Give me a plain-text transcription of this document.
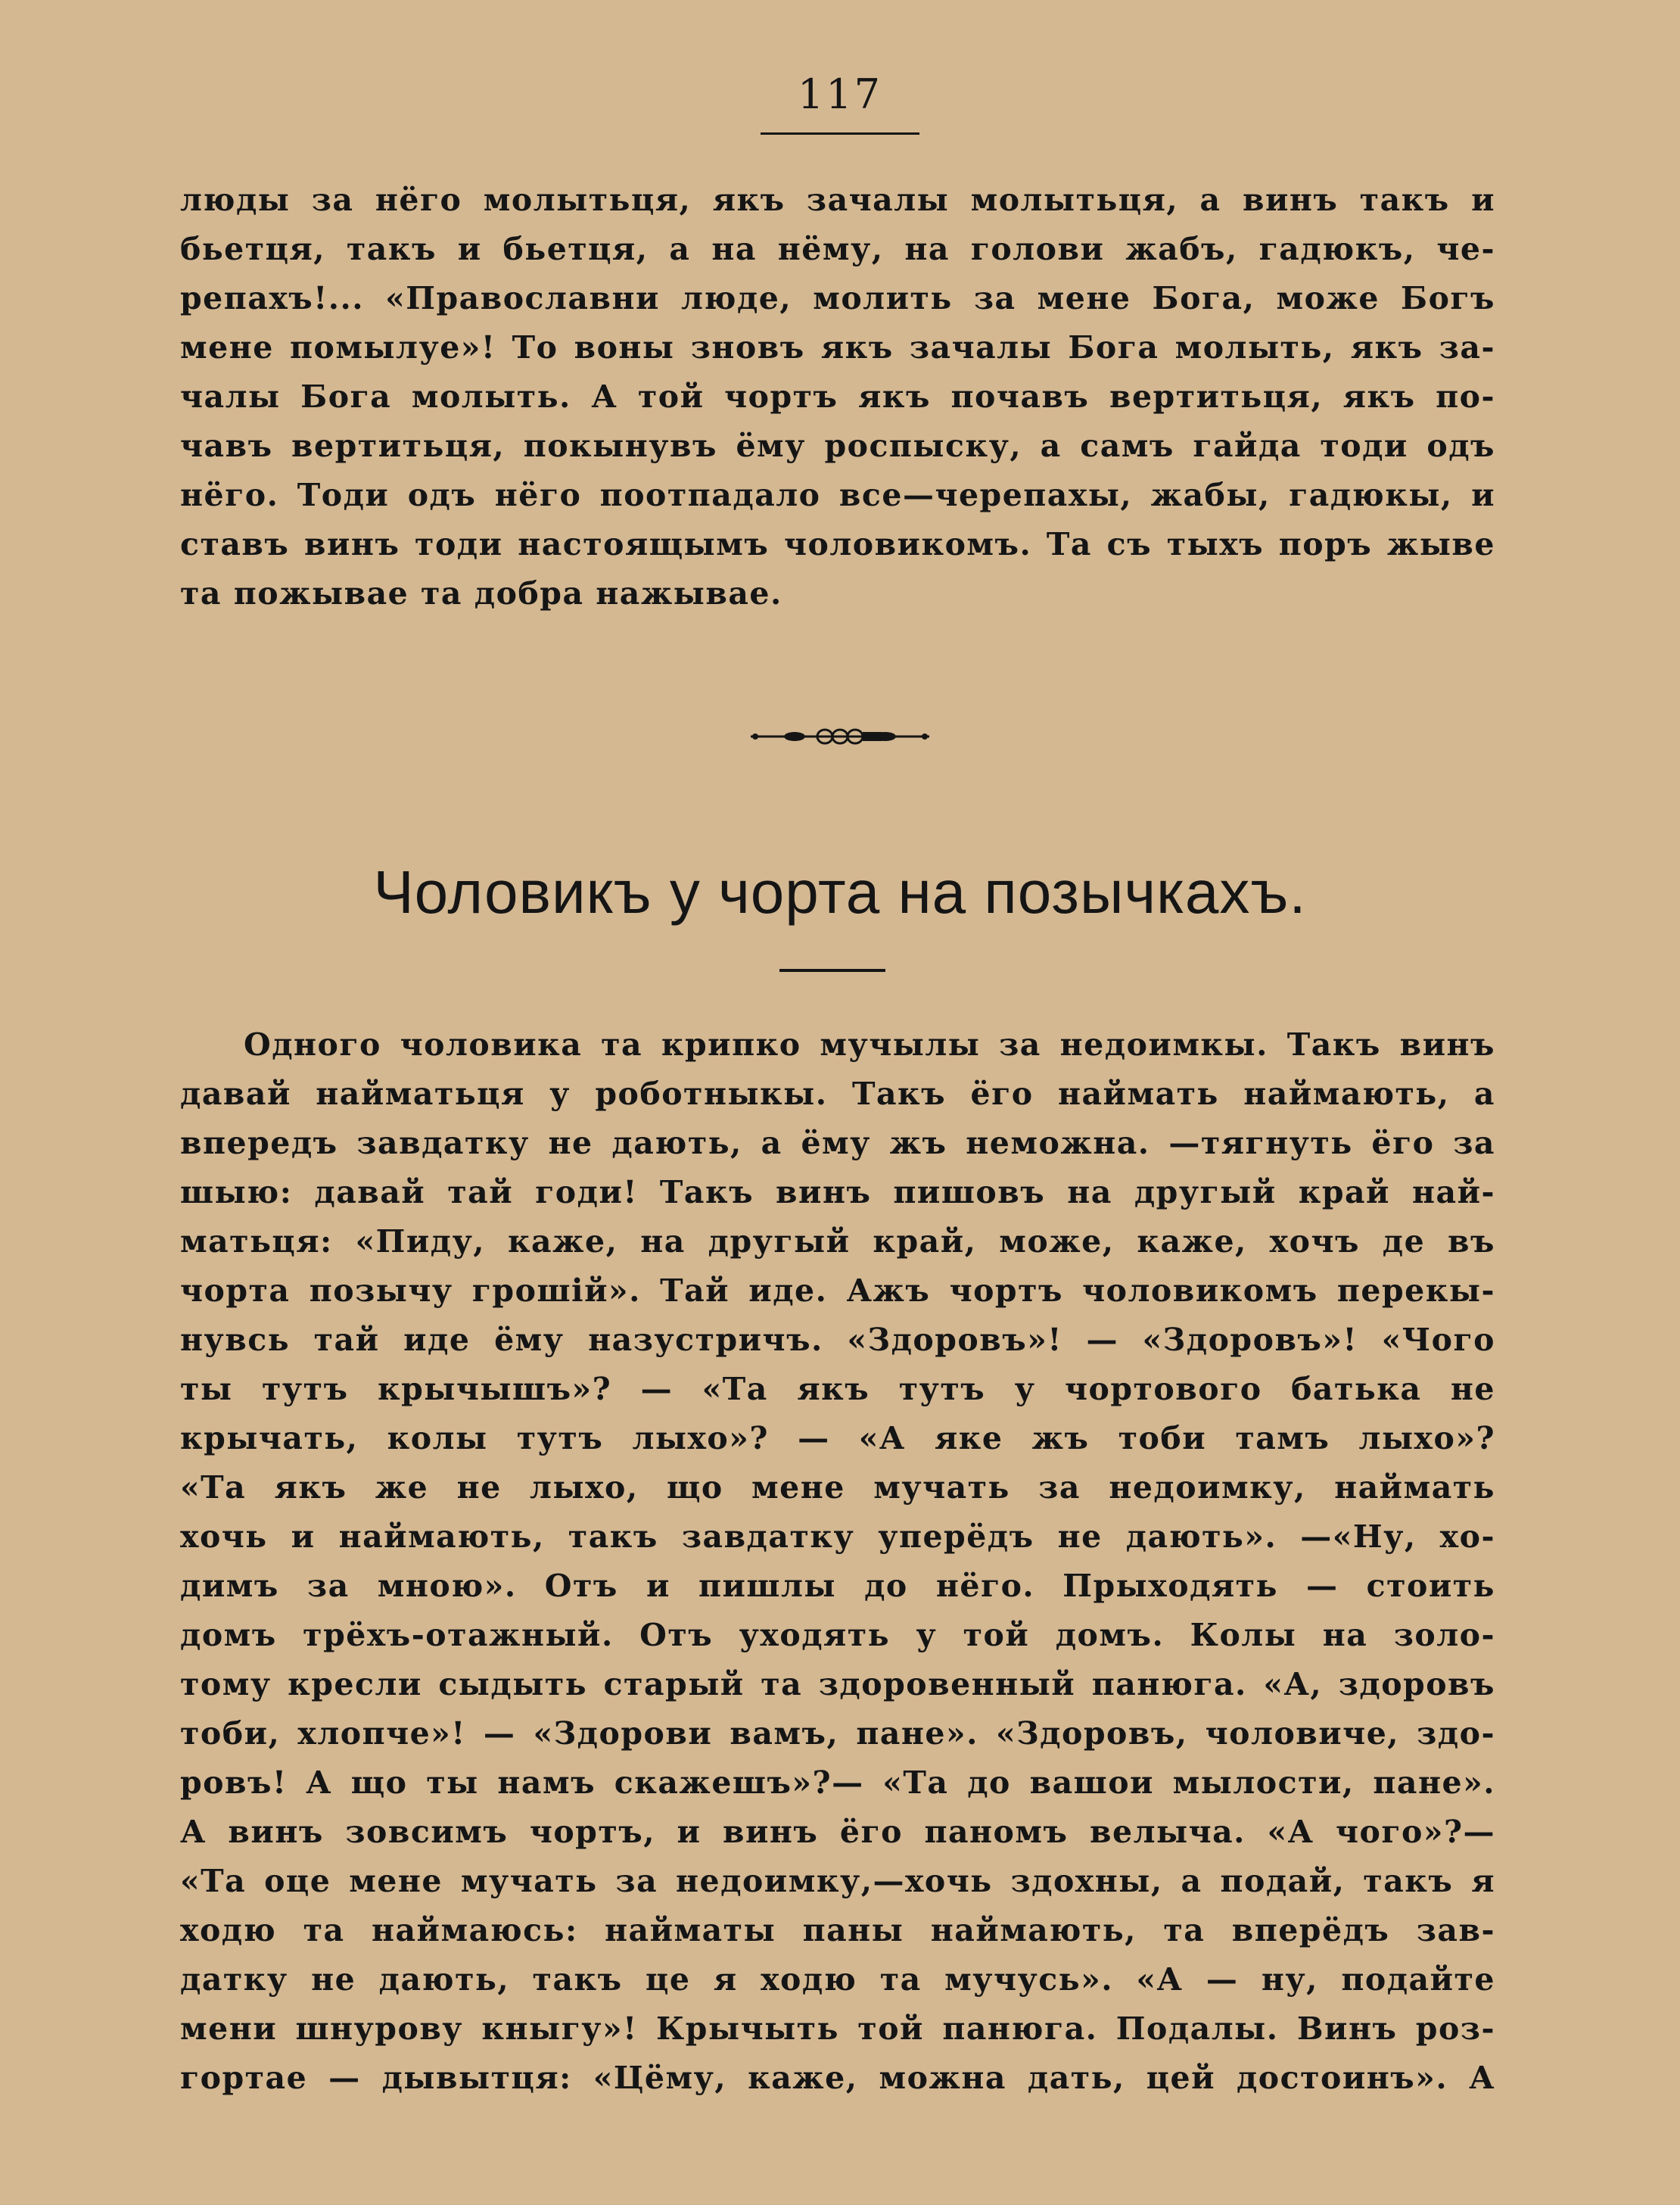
117
люды за нёго молытьця, якъ зачалы молытьця, а винъ такъ и
бьетця, такъ и бьетця, а на нёму, на голови жабъ, гадюкъ, че-
репахъ!... «Православни люде, молить за мене Бога, може Богъ
мене помылуе»! То воны зновъ якъ зачалы Бога молыть, якъ за-
чалы Бога молыть. А той чортъ якъ почавъ вертитьця, якъ по-
чавъ вертитьця, покынувъ ёму роспыску, а самъ гайда тоди одъ
нёго. Тоди одъ нёго поотпадало все—черепахы, жабы, гадюкы, и
ставъ винъ тоди настоящымъ чоловикомъ. Та съ тыхъ поръ жыве
та пожывае та добра нажывае.
Чоловикъ у чорта на позычкахъ.
Одного чоловика та крипко мучылы за недоимкы. Такъ винъ
давай найматьця у роботныкы. Такъ ёго наймать наймають, а
впередъ завдатку не дають, а ёму жъ неможна. —тягнуть ёго за
шыю: давай тай годи! Такъ винъ пишовъ на другый край най-
матьця: «Пиду, каже, на другый край, може, каже, хочъ де въ
чорта позычу грошій». Тай иде. Ажъ чортъ чоловикомъ перекы-
нувсь тай иде ёму назустричъ. «Здоровъ»! — «Здоровъ»! «Чого
ты тутъ крычышъ»? — «Та якъ тутъ у чортового батька не
крычать, колы тутъ лыхо»? — «А яке жъ тоби тамъ лыхо»?
«Та якъ же не лыхо, що мене мучать за недоимку, наймать
хочь и наймають, такъ завдатку уперёдъ не дають». —«Ну, хо-
димъ за мною». Отъ и пишлы до нёго. Прыходять — стоить
домъ трёхъ-отажный. Отъ уходять у той домъ. Колы на золо-
тому кресли сыдыть старый та здоровенный панюга. «А, здоровъ
тоби, хлопче»! — «Здорови вамъ, пане». «Здоровъ, чоловиче, здо-
ровъ! А що ты намъ скажешъ»?— «Та до вашои мылости, пане».
А винъ зовсимъ чортъ, и винъ ёго паномъ велыча. «А чого»?—
«Та оце мене мучать за недоимку,—хочь здохны, а подай, такъ я
ходю та наймаюсь: найматы паны наймають, та вперёдъ зав-
датку не дають, такъ це я ходю та мучусь». «А — ну, подайте
мени шнурову кныгу»! Крычыть той панюга. Подалы. Винъ роз-
гортае — дывытця: «Цёму, каже, можна дать, цей достоинъ». А
